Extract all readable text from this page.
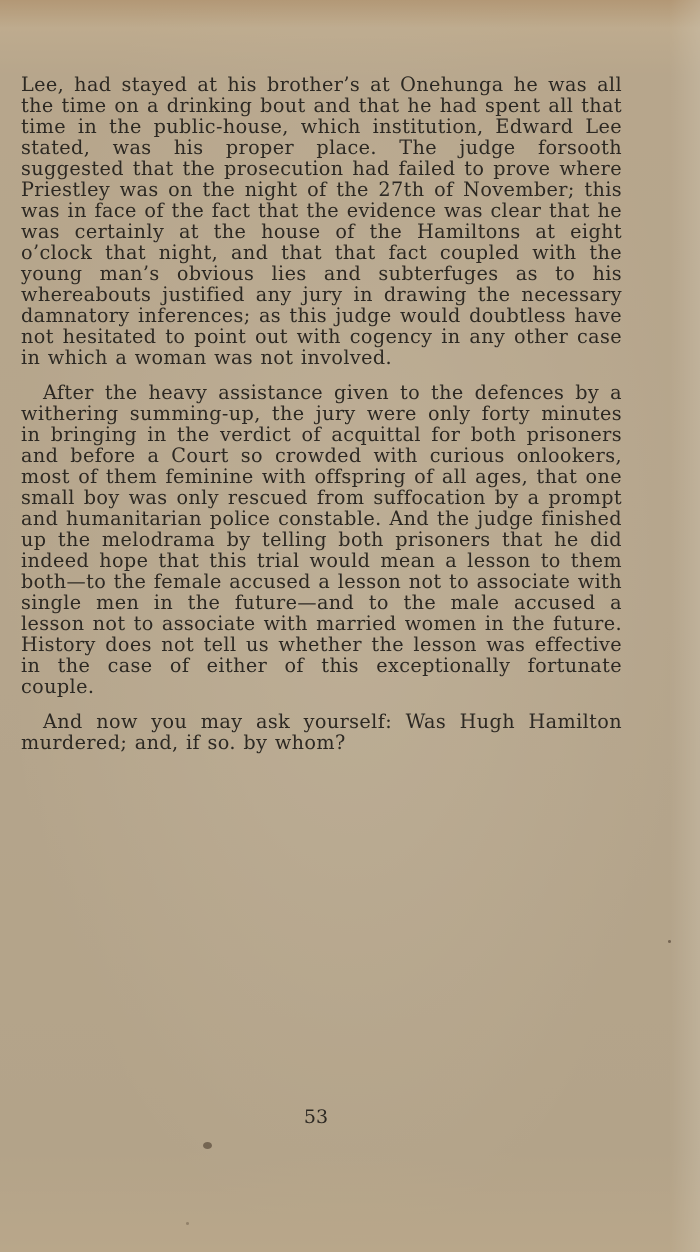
Lee, had stayed at his brother’s at Onehunga he was all the time on a drinking bout and that he had spent all that time in the public-house, which institution, Edward Lee stated, was his proper place. The judge forsooth suggested that the prosecution had failed to prove where Priestley was on the night of the 27th of November; this was in face of the fact that the evidence was clear that he was certainly at the house of the Hamiltons at eight o’clock that night, and that that fact coupled with the young man’s obvious lies and subterfuges as to his whereabouts justified any jury in drawing the necessary damnatory inferences; as this judge would doubtless have not hesitated to point out with cogency in any other case in which a woman was not involved.

After the heavy assistance given to the defences by a withering summing-up, the jury were only forty minutes in bringing in the verdict of acquittal for both prisoners and before a Court so crowded with curious onlookers, most of them feminine with offspring of all ages, that one small boy was only rescued from suffocation by a prompt and humanitarian police constable. And the judge finished up the melodrama by telling both prisoners that he did indeed hope that this trial would mean a lesson to them both—to the female accused a lesson not to associate with single men in the future—and to the male accused a lesson not to associate with married women in the future. History does not tell us whether the lesson was effective in the case of either of this exceptionally fortunate couple.

And now you may ask yourself: Was Hugh Hamilton murdered; and, if so. by whom?

53
